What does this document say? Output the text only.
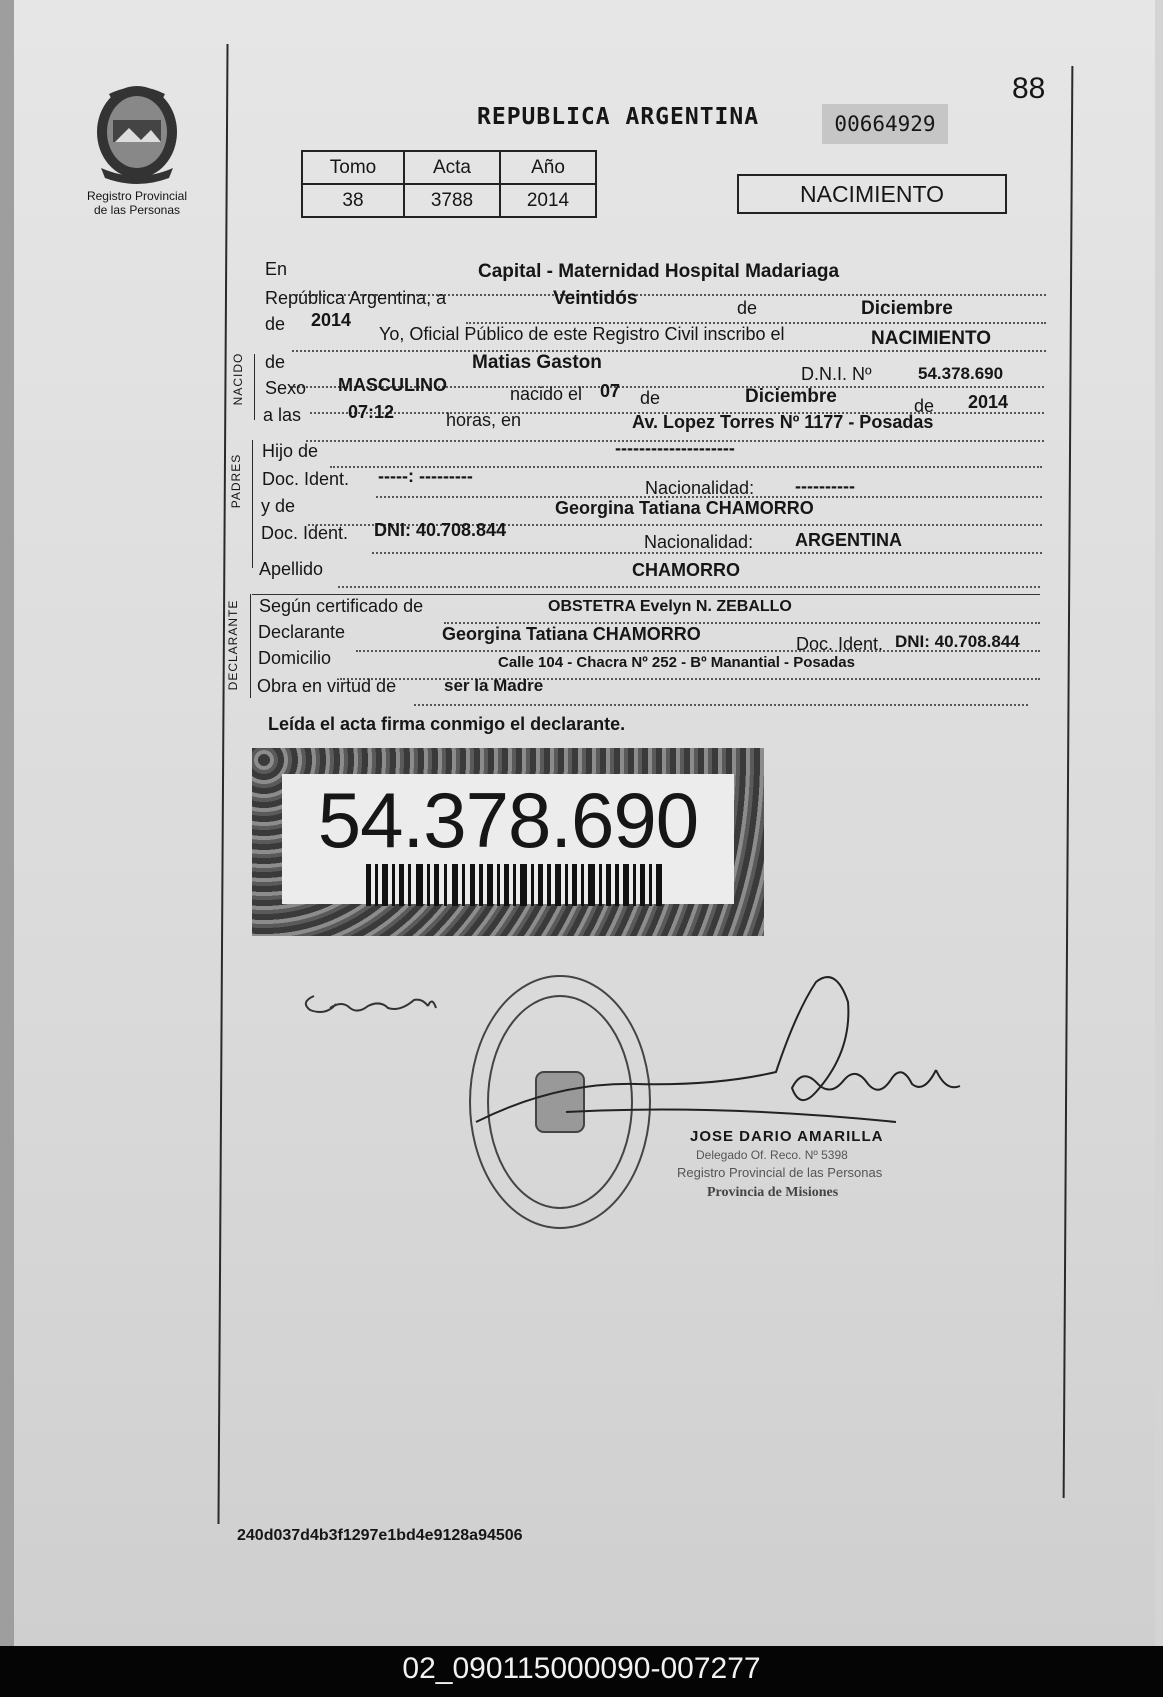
Registro Provincial
de las Personas
88
REPUBLICA ARGENTINA	00664929
Tomo	Acta	Año
38	3788	2014	NACIMIENTO
En	Capital - Maternidad Hospital Madariaga
República Argentina, a	Veintidós	de	Diciembre
de 2014
Yo, Oficial Público de este Registro Civil inscribo el	NACIMIENTO
NACIDO de	Matias Gaston
D.N.I. Nº	54.378.690
Sexo MASCULINO	nacido el 07 de	Diciembre	de 2014
a las	07:12	horas, en	Av. Lopez Torres Nº 1177 - Posadas
PADRES
Hijo de	--------------------
Doc. Ident. -----: ---------
Nacionalidad: ----------
y de	Georgina Tatiana CHAMORRO
Doc. Ident. DNI: 40.708.844
Nacionalidad: ARGENTINA
Apellido	CHAMORRO
DECLARANTE Según certificado de	OBSTETRA Evelyn N. ZEBALLO
Declarante	Georgina Tatiana CHAMORRO	Doc. Ident. DNI: 40.708.844
Domicilio	Calle 104 - Chacra Nº 252 - Bº Manantial - Posadas
Obra en virtud de	ser la Madre
Leída el acta firma conmigo el declarante.
54.378.690
JOSE DARIO AMARILLA
Delegado Of. Reco. Nº 5398
Registro Provincial de las Personas
Provincia de Misiones
240d037d4b3f1297e1bd4e9128a94506
02_090115000090-007277
